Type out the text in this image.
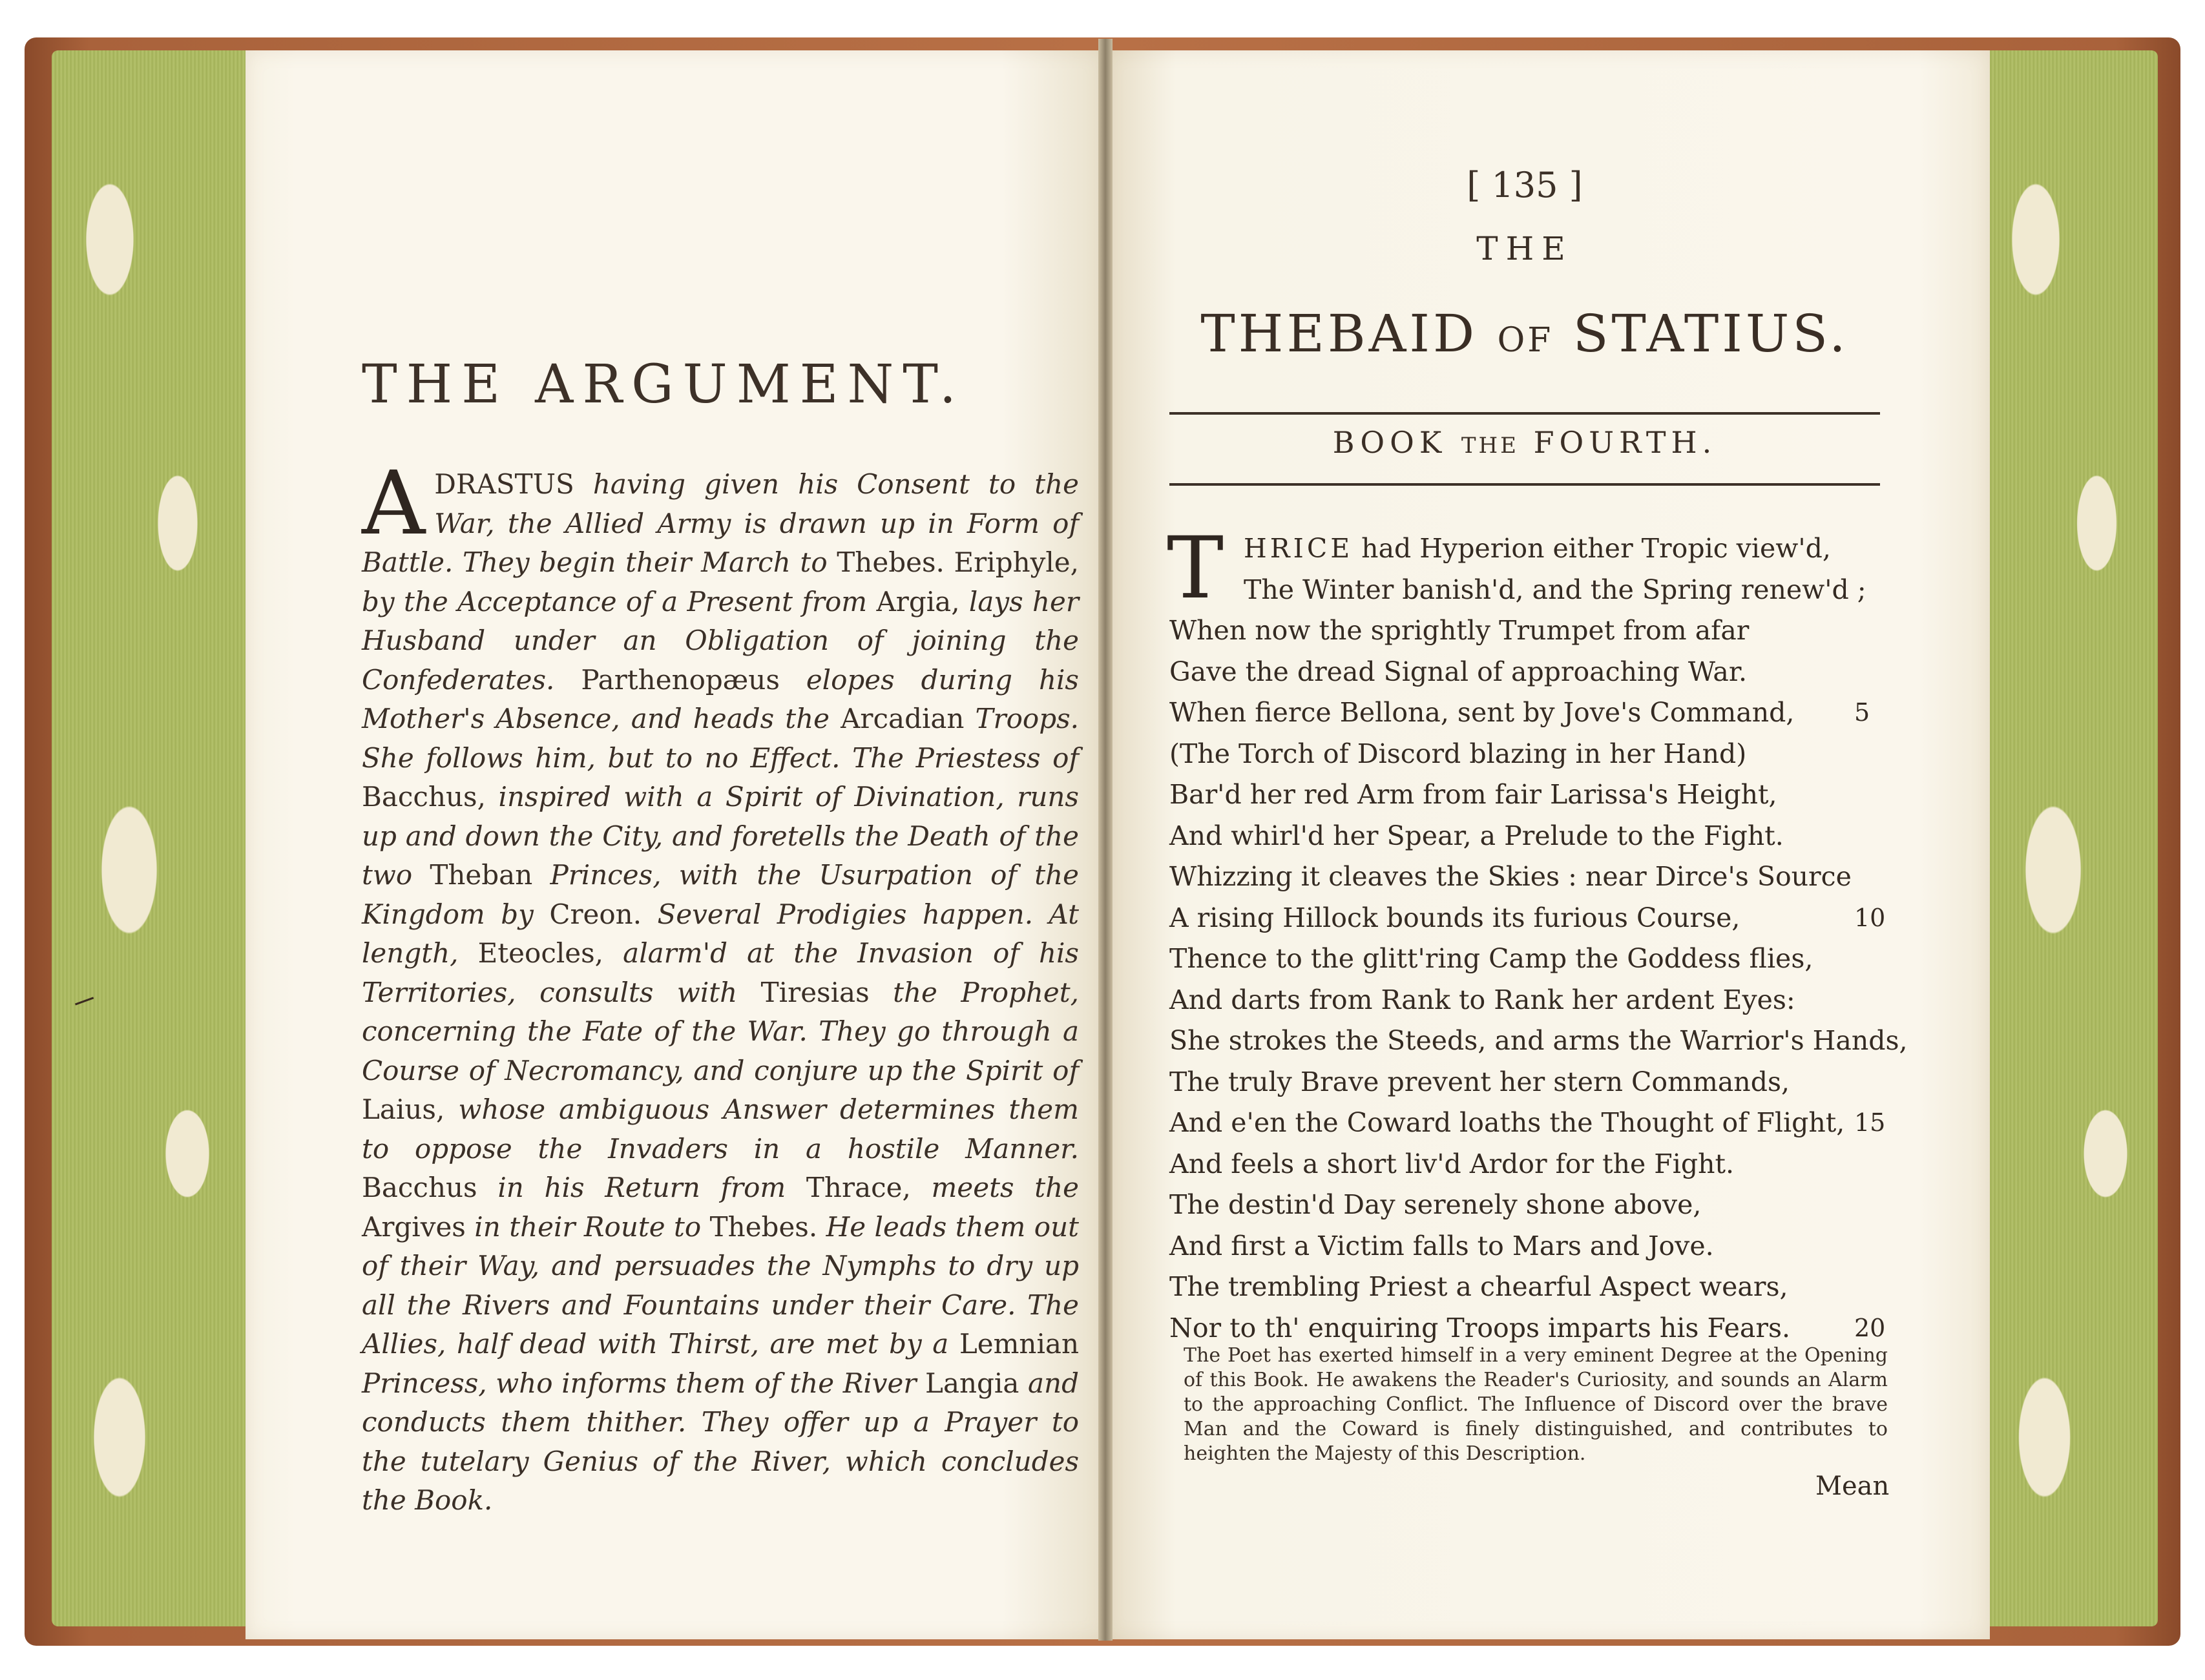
THE ARGUMENT.
ADRASTUS having given his Consent to the War, the Allied Army is drawn up in Form of Battle. They begin their March to Thebes. Eriphyle, by the Acceptance of a Present from Argia, lays her Husband under an Obligation of joining the Confederates. Parthenopæus elopes during his Mother's Absence, and heads the Arcadian Troops. She follows him, but to no Effect. The Priestess of Bacchus, inspired with a Spirit of Divination, runs up and down the City, and foretells the Death of the two Theban Princes, with the Usurpation of the Kingdom by Creon. Several Prodigies happen. At length, Eteocles, alarm'd at the Invasion of his Territories, consults with Tiresias the Prophet, concerning the Fate of the War. They go through a Course of Necromancy, and conjure up the Spirit of Laius, whose ambiguous Answer determines them to oppose the Invaders in a hostile Manner. Bacchus in his Return from Thrace, meets the Argives in their Route to Thebes. He leads them out of their Way, and persuades the Nymphs to dry up all the Rivers and Fountains under their Care. The Allies, half dead with Thirst, are met by a Lemnian Princess, who informs them of the River Langia and conducts them thither. They offer up a Prayer to the tutelary Genius of the River, which concludes the Book.
[ 135 ]
THE
THEBAID OF STATIUS.
BOOK THE FOURTH.
T HRICE had Hyperion either Tropic view'd,
The Winter banish'd, and the Spring renew'd ;
When now the sprightly Trumpet from afar
Gave the dread Signal of approaching War.
When fierce Bellona, sent by Jove's Command, 5
(The Torch of Discord blazing in her Hand)
Bar'd her red Arm from fair Larissa's Height,
And whirl'd her Spear, a Prelude to the Fight.
Whizzing it cleaves the Skies : near Dirce's Source
A rising Hillock bounds its furious Course,	10
Thence to the glitt'ring Camp the Goddess flies,
And darts from Rank to Rank her ardent Eyes:
She strokes the Steeds, and arms the Warrior's Hands,
The truly Brave prevent her stern Commands,
And e'en the Coward loaths the Thought of Flight, 15
And feels a short liv'd Ardor for the Fight.
The destin'd Day serenely shone above,
And first a Victim falls to Mars and Jove.
The trembling Priest a chearful Aspect wears,
Nor to th' enquiring Troops imparts his Fears.	20
The Poet has exerted himself in a very eminent Degree at the Opening of this Book. He awakens the Reader's Curiosity, and sounds an Alarm to the approaching Conflict. The Influence of Discord over the brave Man and the Coward is finely distinguished, and contributes to heighten the Majesty of this Description.
Mean
